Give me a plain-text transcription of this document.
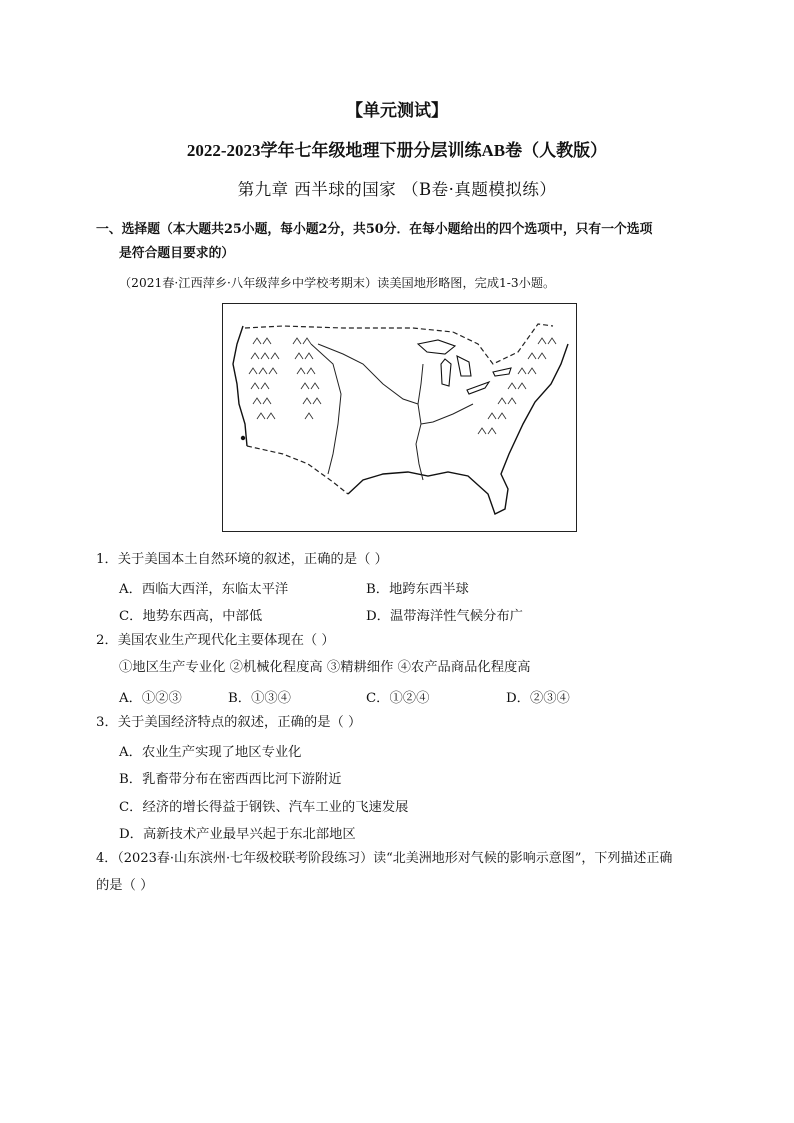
【单元测试】
2022-2023学年七年级地理下册分层训练AB卷（人教版）
第九章 西半球的国家 （B卷·真题模拟练）
一、选择题（本大题共25小题，每小题2分，共50分．在每小题给出的四个选项中，只有一个选项
是符合题目要求的）
（2021春·江西萍乡·八年级萍乡中学校考期末）读美国地形略图，完成1-3小题。
1．关于美国本土自然环境的叙述，正确的是（ ）
A．西临大西洋，东临太平洋	B．地跨东西半球
C．地势东西高，中部低	D．温带海洋性气候分布广
2．美国农业生产现代化主要体现在（ ）
①地区生产专业化 ②机械化程度高 ③精耕细作 ④农产品商品化程度高
A．①②③	B．①③④	C．①②④	D．②③④
3．关于美国经济特点的叙述，正确的是（ ）
A．农业生产实现了地区专业化
B．乳畜带分布在密西西比河下游附近
C．经济的增长得益于钢铁、汽车工业的飞速发展
D．高新技术产业最早兴起于东北部地区
4．（2023春·山东滨州·七年级校联考阶段练习）读“北美洲地形对气候的影响示意图”，下列描述正确
的是（ ）
